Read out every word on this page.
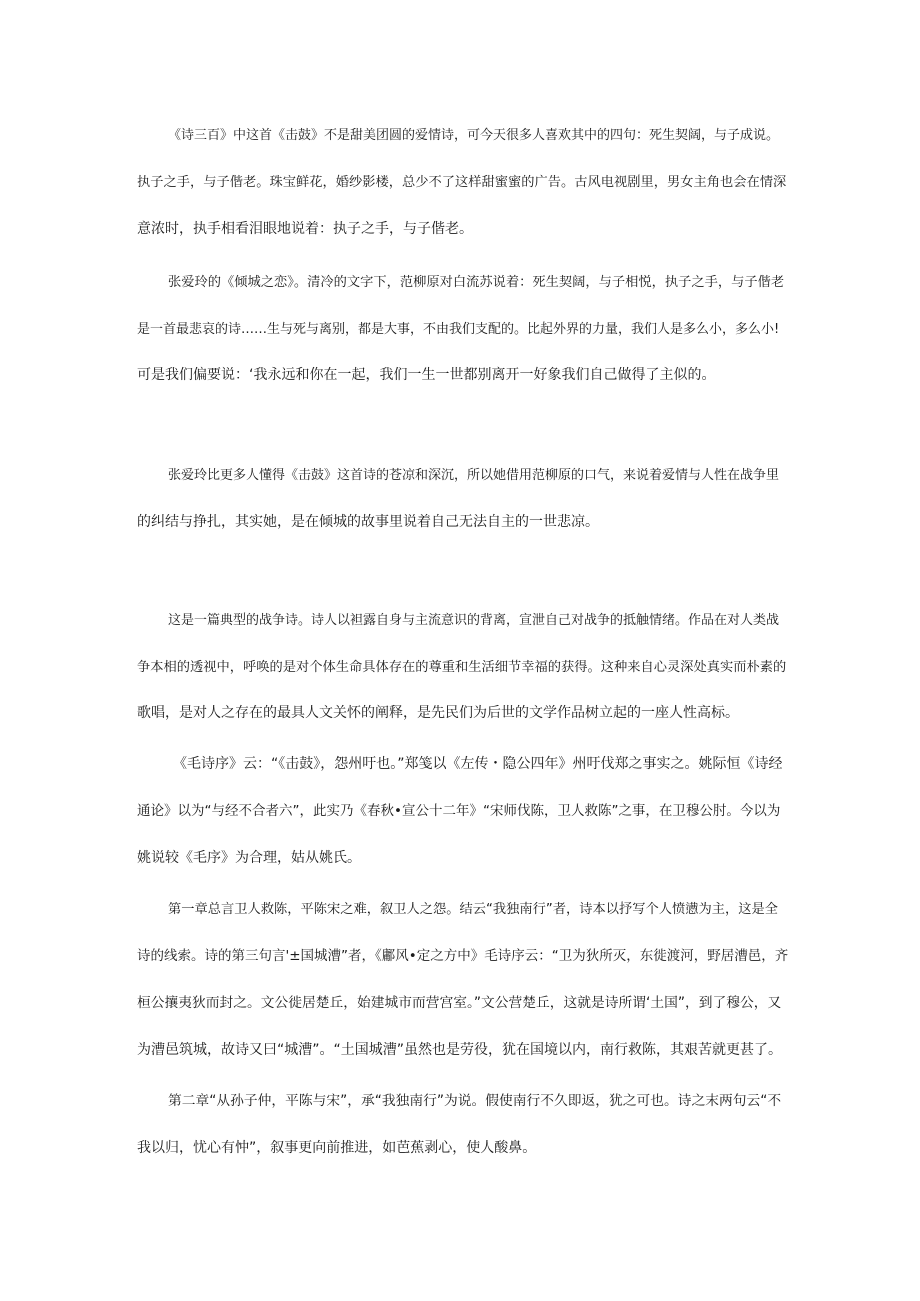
《诗三百》中这首《击鼓》不是甜美团圆的爱情诗，可今天很多人喜欢其中的四句：死生契阔，与子成说。
执子之手，与子偕老。珠宝鲜花，婚纱影楼，总少不了这样甜蜜蜜的广告。古风电视剧里，男女主角也会在情深
意浓时，执手相看泪眼地说着：执子之手，与子偕老。
张爱玲的《倾城之恋》。清冷的文字下，范柳原对白流苏说着：死生契阔，与子相悦，执子之手，与子偕老
是一首最悲哀的诗……生与死与离别，都是大事，不由我们支配的。比起外界的力量，我们人是多么小，多么小!
可是我们偏要说：‘我永远和你在一起，我们一生一世都别离开一好象我们自己做得了主似的。
张爱玲比更多人懂得《击鼓》这首诗的苍凉和深沉，所以她借用范柳原的口气，来说着爱情与人性在战争里
的纠结与挣扎，其实她，是在倾城的故事里说着自己无法自主的一世悲凉。
这是一篇典型的战争诗。诗人以袒露自身与主流意识的背离，宣泄自己对战争的抵触情绪。作品在对人类战
争本相的透视中，呼唤的是对个体生命具体存在的尊重和生活细节幸福的获得。这种来自心灵深处真实而朴素的
歌唱，是对人之存在的最具人文关怀的阐释，是先民们为后世的文学作品树立起的一座人性高标。
《毛诗序》云：“《击鼓》，怨州吁也。”郑笺以《左传・隐公四年》州吁伐郑之事实之。姚际恒《诗经
通论》以为“与经不合者六”，此实乃《春秋•宣公十二年》“宋师伐陈，卫人救陈”之事，在卫穆公肘。今以为
姚说较《毛序》为合理，姑从姚氏。
第一章总言卫人救陈，平陈宋之难，叙卫人之怨。结云“我独南行”者，诗本以抒写个人愤懑为主，这是全
诗的线索。诗的第三句言'±国城漕”者，《鄘风•定之方中》毛诗序云：“卫为狄所灭，东徙渡河，野居漕邑，齐
桓公攘夷狄而封之。文公徙居楚丘，始建城市而营宫室。”文公营楚丘，这就是诗所谓‘土国”，到了穆公，又
为漕邑筑城，故诗又曰“城漕”。“土国城漕”虽然也是劳役，犹在国境以内，南行救陈，其艰苦就更甚了。
第二章“从孙子仲，平陈与宋”，承“我独南行”为说。假使南行不久即返，犹之可也。诗之末两句云“不
我以归，忧心有忡”，叙事更向前推进，如芭蕉剥心，使人酸鼻。
